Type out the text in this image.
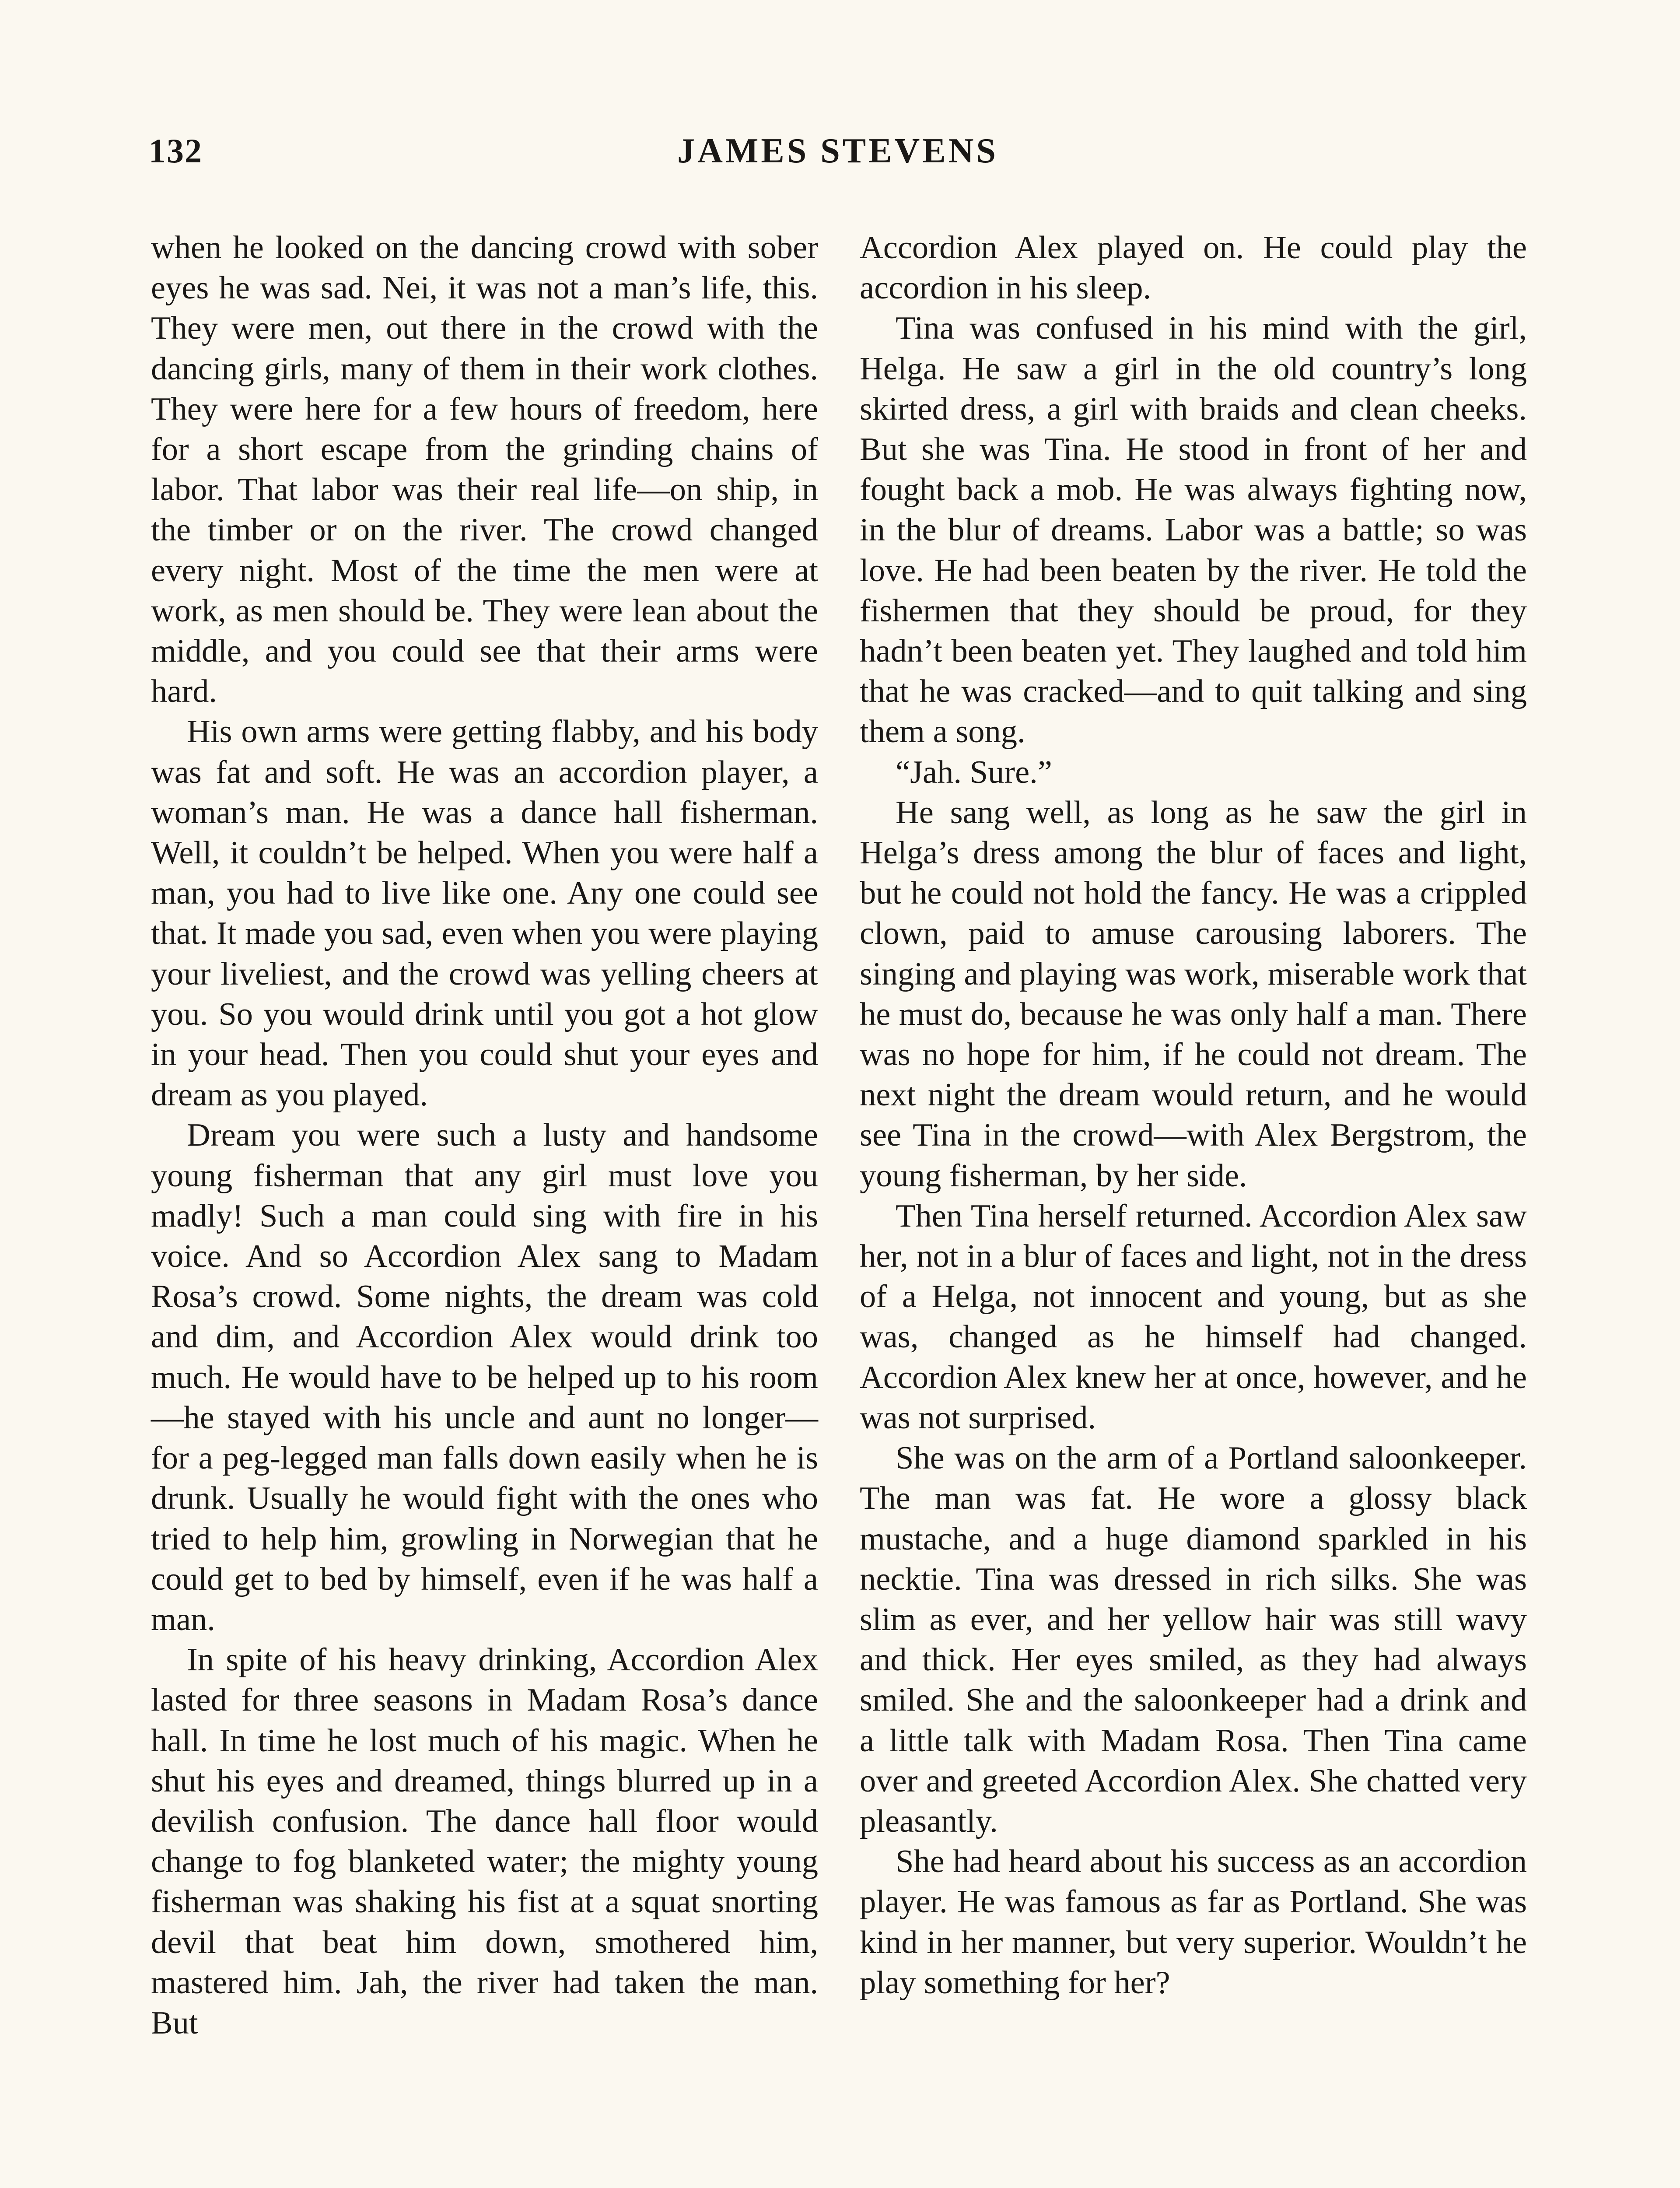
132	JAMES STEVENS

when he looked on the dancing crowd with sober eyes he was sad. Nei, it was not a man’s life, this. They were men, out there in the crowd with the dancing girls, many of them in their work clothes. They were here for a few hours of freedom, here for a short escape from the grinding chains of labor. That labor was their real life—on ship, in the timber or on the river. The crowd changed every night. Most of the time the men were at work, as men should be. They were lean about the middle, and you could see that their arms were hard.

His own arms were getting flabby, and his body was fat and soft. He was an accordion player, a woman’s man. He was a dance hall fisherman. Well, it couldn’t be helped. When you were half a man, you had to live like one. Any one could see that. It made you sad, even when you were playing your liveliest, and the crowd was yelling cheers at you. So you would drink until you got a hot glow in your head. Then you could shut your eyes and dream as you played.

Dream you were such a lusty and handsome young fisherman that any girl must love you madly! Such a man could sing with fire in his voice. And so Accordion Alex sang to Madam Rosa’s crowd. Some nights, the dream was cold and dim, and Accordion Alex would drink too much. He would have to be helped up to his room—he stayed with his uncle and aunt no longer—for a peg-legged man falls down easily when he is drunk. Usually he would fight with the ones who tried to help him, growling in Norwegian that he could get to bed by himself, even if he was half a man.

In spite of his heavy drinking, Accordion Alex lasted for three seasons in Madam Rosa’s dance hall. In time he lost much of his magic. When he shut his eyes and dreamed, things blurred up in a devilish confusion. The dance hall floor would change to fog blanketed water; the mighty young fisherman was shaking his fist at a squat snorting devil that beat him down, smothered him, mastered him. Jah, the river had taken the man. But

Accordion Alex played on. He could play the accordion in his sleep.

Tina was confused in his mind with the girl, Helga. He saw a girl in the old country’s long skirted dress, a girl with braids and clean cheeks. But she was Tina. He stood in front of her and fought back a mob. He was always fighting now, in the blur of dreams. Labor was a battle; so was love. He had been beaten by the river. He told the fishermen that they should be proud, for they hadn’t been beaten yet. They laughed and told him that he was cracked—and to quit talking and sing them a song.

“Jah. Sure.”

He sang well, as long as he saw the girl in Helga’s dress among the blur of faces and light, but he could not hold the fancy. He was a crippled clown, paid to amuse carousing laborers. The singing and playing was work, miserable work that he must do, because he was only half a man. There was no hope for him, if he could not dream. The next night the dream would return, and he would see Tina in the crowd—with Alex Bergstrom, the young fisherman, by her side.

Then Tina herself returned. Accordion Alex saw her, not in a blur of faces and light, not in the dress of a Helga, not innocent and young, but as she was, changed as he himself had changed. Accordion Alex knew her at once, however, and he was not surprised.

She was on the arm of a Portland saloonkeeper. The man was fat. He wore a glossy black mustache, and a huge diamond sparkled in his necktie. Tina was dressed in rich silks. She was slim as ever, and her yellow hair was still wavy and thick. Her eyes smiled, as they had always smiled. She and the saloonkeeper had a drink and a little talk with Madam Rosa. Then Tina came over and greeted Accordion Alex. She chatted very pleasantly.

She had heard about his success as an accordion player. He was famous as far as Portland. She was kind in her manner, but very superior. Wouldn’t he play something for her?
